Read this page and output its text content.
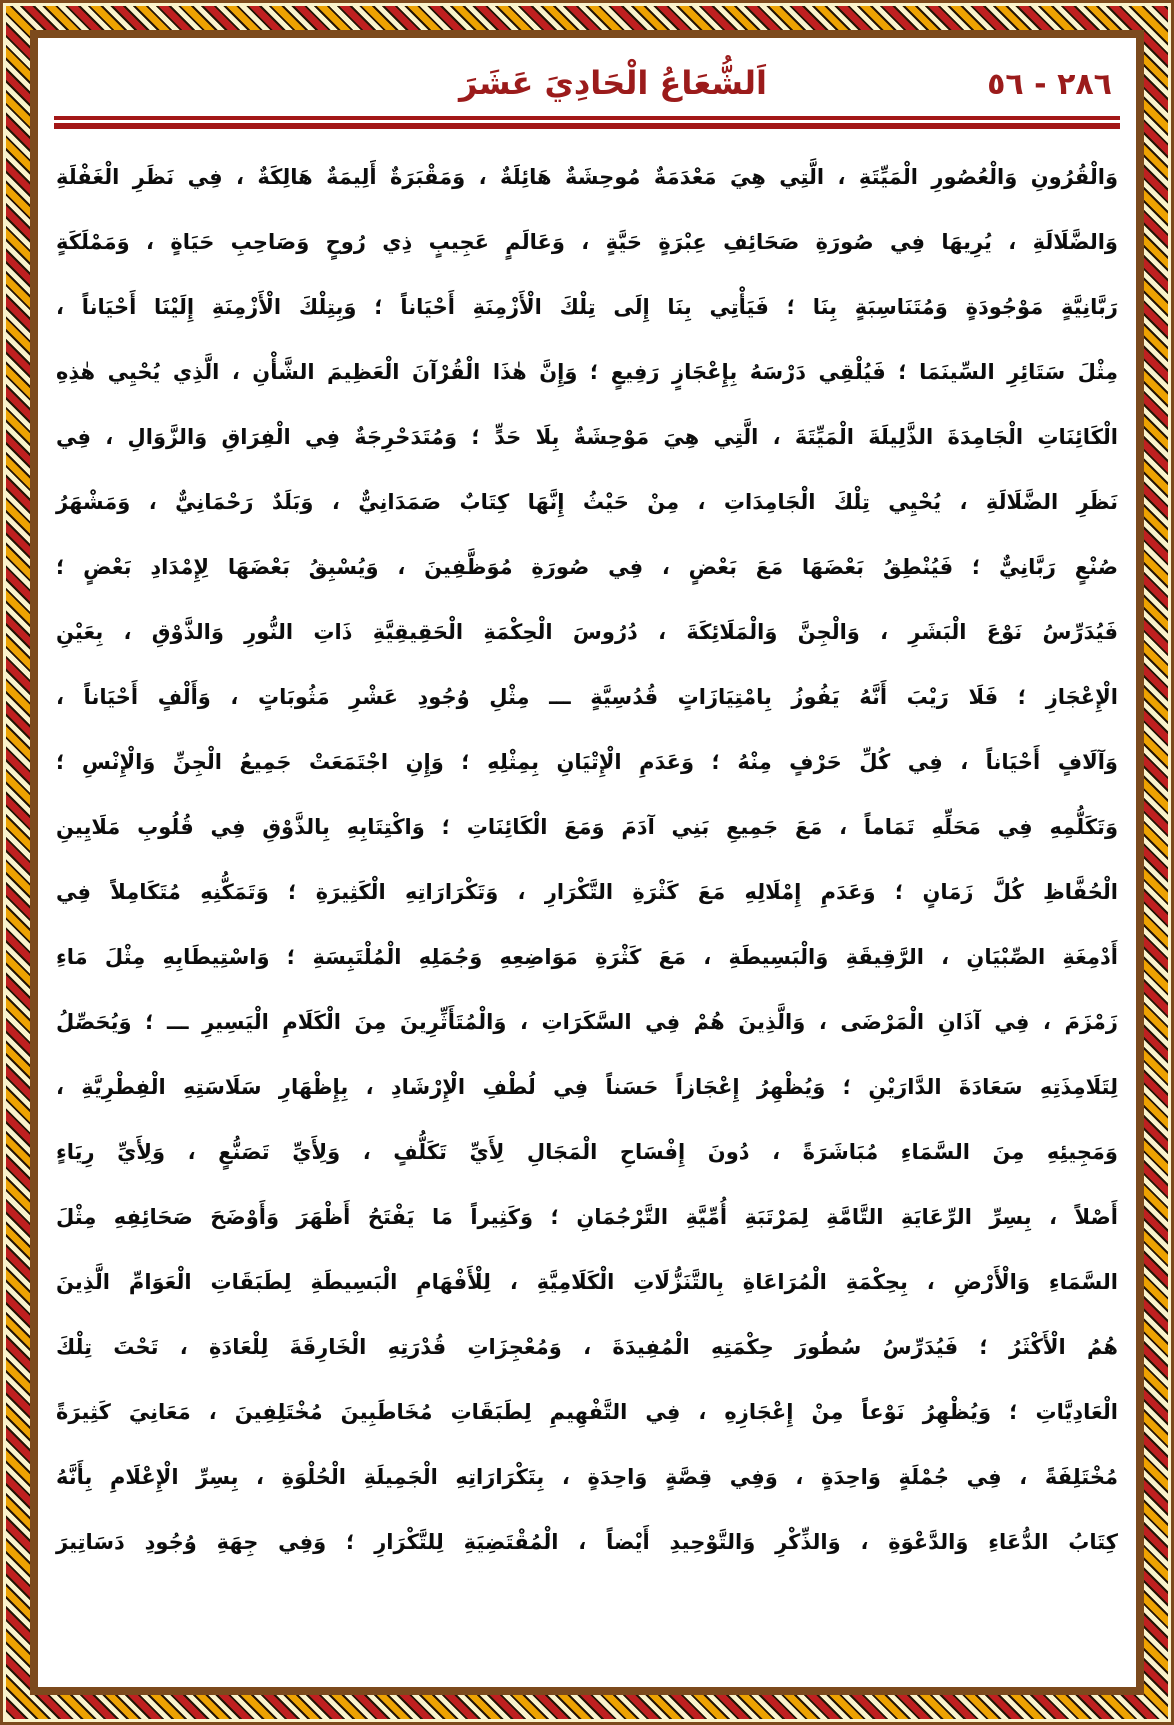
٢٨٦ - ٥٦
اَلشُّعَاعُ الْحَادِيَ عَشَرَ
وَالْقُرُونِ وَالْعُصُورِ الْمَيِّتَةِ ، الَّتِي هِيَ مَعْدَمَةٌ مُوحِشَةٌ هَائِلَةٌ ، وَمَقْبَرَةٌ أَلِيمَةٌ هَالِكَةٌ ، فِي نَظَرِ الْغَفْلَةِ
وَالضَّلَالَةِ ، يُرِيهَا فِي صُورَةِ صَحَائِفِ عِبْرَةٍ حَيَّةٍ ، وَعَالَمٍ عَجِيبٍ ذِي رُوحٍ وَصَاحِبِ حَيَاةٍ ، وَمَمْلَكَةٍ
رَبَّانِيَّةٍ مَوْجُودَةٍ وَمُتَنَاسِبَةٍ بِنَا ؛ فَيَأْتِي بِنَا إِلَى تِلْكَ الْأَزْمِنَةِ أَحْيَاناً ؛ وَبِتِلْكَ الْأَزْمِنَةِ إِلَيْنَا أَحْيَاناً ،
مِثْلَ سَتَائِرِ السِّينَمَا ؛ فَيُلْقِي دَرْسَهُ بِإِعْجَازٍ رَفِيعٍ ؛ وَإِنَّ هٰذَا الْقُرْآنَ الْعَظِيمَ الشَّأْنِ ، الَّذِي يُحْيِي هٰذِهِ
الْكَائِنَاتِ الْجَامِدَةَ الذَّلِيلَةَ الْمَيِّتَةَ ، الَّتِي هِيَ مَوْحِشَةٌ بِلَا حَدٍّ ؛ وَمُتَدَحْرِجَةٌ فِي الْفِرَاقِ وَالزَّوَالِ ، فِي
نَظَرِ الضَّلَالَةِ ، يُحْيِي تِلْكَ الْجَامِدَاتِ ، مِنْ حَيْثُ إِنَّهَا كِتَابٌ صَمَدَانِيٌّ ، وَبَلَدٌ رَحْمَانِيٌّ ، وَمَشْهَرُ
صُنْعٍ رَبَّانِيٌّ ؛ فَيُنْطِقُ بَعْضَهَا مَعَ بَعْضٍ ، فِي صُورَةِ مُوَظَّفِينَ ، وَيُسْبِقُ بَعْضَهَا لِإِمْدَادِ بَعْضٍ ؛
فَيُدَرِّسُ نَوْعَ الْبَشَرِ ، وَالْجِنَّ وَالْمَلَائِكَةَ ، دُرُوسَ الْحِكْمَةِ الْحَقِيقِيَّةِ ذَاتِ النُّورِ وَالذَّوْقِ ، بِعَيْنِ
الْإِعْجَازِ ؛ فَلَا رَيْبَ أَنَّهُ يَفُوزُ بِامْتِيَازَاتٍ قُدُسِيَّةٍ ـــ مِثْلِ وُجُودِ عَشْرِ مَثُوبَاتٍ ، وَأَلْفٍ أَحْيَاناً ،
وَآلَافٍ أَحْيَاناً ، فِي كُلِّ حَرْفٍ مِنْهُ ؛ وَعَدَمِ الْإِتْيَانِ بِمِثْلِهِ ؛ وَإِنِ اجْتَمَعَتْ جَمِيعُ الْجِنِّ وَالْإِنْسِ ؛
وَتَكَلُّمِهِ فِي مَحَلِّهِ تَمَاماً ، مَعَ جَمِيعِ بَنِي آدَمَ وَمَعَ الْكَائِنَاتِ ؛ وَاكْتِتَابِهِ بِالذَّوْقِ فِي قُلُوبِ مَلَايِينِ
الْحُفَّاظِ كُلَّ زَمَانٍ ؛ وَعَدَمِ إِمْلَالِهِ مَعَ كَثْرَةِ التَّكْرَارِ ، وَتَكْرَارَاتِهِ الْكَثِيرَةِ ؛ وَتَمَكُّنِهِ مُتَكَامِلاً فِي
أَدْمِغَةِ الصِّبْيَانِ ، الرَّقِيقَةِ وَالْبَسِيطَةِ ، مَعَ كَثْرَةِ مَوَاضِعِهِ وَجُمَلِهِ الْمُلْتَبِسَةِ ؛ وَاسْتِيطَابِهِ مِثْلَ مَاءِ
زَمْزَمَ ، فِي آذَانِ الْمَرْضَى ، وَالَّذِينَ هُمْ فِي السَّكَرَاتِ ، وَالْمُتَأَثِّرِينَ مِنَ الْكَلَامِ الْيَسِيرِ ـــ ؛ وَيُحَصِّلُ
لِتَلَامِذَتِهِ سَعَادَةَ الدَّارَيْنِ ؛ وَيُظْهِرُ إِعْجَازاً حَسَناً فِي لُطْفِ الْإِرْشَادِ ، بِإِظْهَارِ سَلَاسَتِهِ الْفِطْرِيَّةِ ،
وَمَجِيئِهِ مِنَ السَّمَاءِ مُبَاشَرَةً ، دُونَ إِفْسَاحِ الْمَجَالِ لِأَيِّ تَكَلُّفٍ ، وَلِأَيِّ تَصَنُّعٍ ، وَلِأَيِّ رِيَاءٍ
أَصْلاً ، بِسِرِّ الرِّعَايَةِ التَّامَّةِ لِمَرْتَبَةِ أُمِّيَّةِ التَّرْجُمَانِ ؛ وَكَثِيراً مَا يَفْتَحُ أَظْهَرَ وَأَوْضَحَ صَحَائِفِهِ مِثْلَ
السَّمَاءِ وَالْأَرْضِ ، بِحِكْمَةِ الْمُرَاعَاةِ بِالتَّنَزُّلَاتِ الْكَلَامِيَّةِ ، لِلْأَفْهَامِ الْبَسِيطَةِ لِطَبَقَاتِ الْعَوَامِّ الَّذِينَ
هُمُ الْأَكْثَرُ ؛ فَيُدَرِّسُ سُطُورَ حِكْمَتِهِ الْمُفِيدَةَ ، وَمُعْجِزَاتِ قُدْرَتِهِ الْخَارِقَةَ لِلْعَادَةِ ، تَحْتَ تِلْكَ
الْعَادِيَّاتِ ؛ وَيُظْهِرُ نَوْعاً مِنْ إِعْجَازِهِ ، فِي التَّفْهِيمِ لِطَبَقَاتِ مُخَاطَبِينَ مُخْتَلِفِينَ ، مَعَانِيَ كَثِيرَةً
مُخْتَلِفَةً ، فِي جُمْلَةٍ وَاحِدَةٍ ، وَفِي قِصَّةٍ وَاحِدَةٍ ، بِتَكْرَارَاتِهِ الْجَمِيلَةِ الْحُلْوَةِ ، بِسِرِّ الْإِعْلَامِ بِأَنَّهُ
كِتَابُ الدُّعَاءِ وَالدَّعْوَةِ ، وَالذِّكْرِ وَالتَّوْحِيدِ أَيْضاً ، الْمُقْتَضِيَةِ لِلتَّكْرَارِ ؛ وَفِي جِهَةِ وُجُودِ دَسَاتِيرَ
